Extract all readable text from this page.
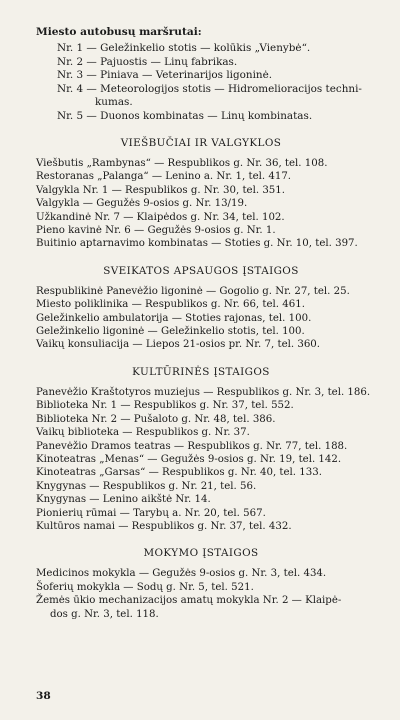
Miesto autobusų maršrutai:
Nr. 1 — Geležinkelio stotis — kolūkis „Vienybė“.
Nr. 2 — Pajuostis — Linų fabrikas.
Nr. 3 — Piniava — Veterinarijos ligoninė.
Nr. 4 — Meteorologijos stotis — Hidromelioracijos techni-
kumas.
Nr. 5 — Duonos kombinatas — Linų kombinatas.
VIEŠBUČIAI IR VALGYKLOS
Viešbutis „Rambynas“ — Respublikos g. Nr. 36, tel. 108.
Restoranas „Palanga“ — Lenino a. Nr. 1, tel. 417.
Valgykla Nr. 1 — Respublikos g. Nr. 30, tel. 351.
Valgykla — Gegužės 9-osios g. Nr. 13/19.
Užkandinė Nr. 7 — Klaipėdos g. Nr. 34, tel. 102.
Pieno kavinė Nr. 6 — Gegužės 9-osios g. Nr. 1.
Buitinio aptarnavimo kombinatas — Stoties g. Nr. 10, tel. 397.
SVEIKATOS APSAUGOS ĮSTAIGOS
Respublikinė Panevėžio ligoninė — Gogolio g. Nr. 27, tel. 25.
Miesto poliklinika — Respublikos g. Nr. 66, tel. 461.
Geležinkelio ambulatorija — Stoties rajonas, tel. 100.
Geležinkelio ligoninė — Geležinkelio stotis, tel. 100.
Vaikų konsuliacija — Liepos 21-osios pr. Nr. 7, tel. 360.
KULTŪRINĖS ĮSTAIGOS
Panevėžio Kraštotyros muziejus — Respublikos g. Nr. 3, tel. 186.
Biblioteka Nr. 1 — Respublikos g. Nr. 37, tel. 552.
Biblioteka Nr. 2 — Pušaloto g. Nr. 48, tel. 386.
Vaikų biblioteka — Respublikos g. Nr. 37.
Panevėžio Dramos teatras — Respublikos g. Nr. 77, tel. 188.
Kinoteatras „Menas“ — Gegužės 9-osios g. Nr. 19, tel. 142.
Kinoteatras „Garsas“ — Respublikos g. Nr. 40, tel. 133.
Knygynas — Respublikos g. Nr. 21, tel. 56.
Knygynas — Lenino aikštė Nr. 14.
Pionierių rūmai — Tarybų a. Nr. 20, tel. 567.
Kultūros namai — Respublikos g. Nr. 37, tel. 432.
MOKYMO ĮSTAIGOS
Medicinos mokykla — Gegužės 9-osios g. Nr. 3, tel. 434.
Šoferių mokykla — Sodų g. Nr. 5, tel. 521.
Žemės ūkio mechanizacijos amatų mokykla Nr. 2 — Klaipė-
dos g. Nr. 3, tel. 118.
38
